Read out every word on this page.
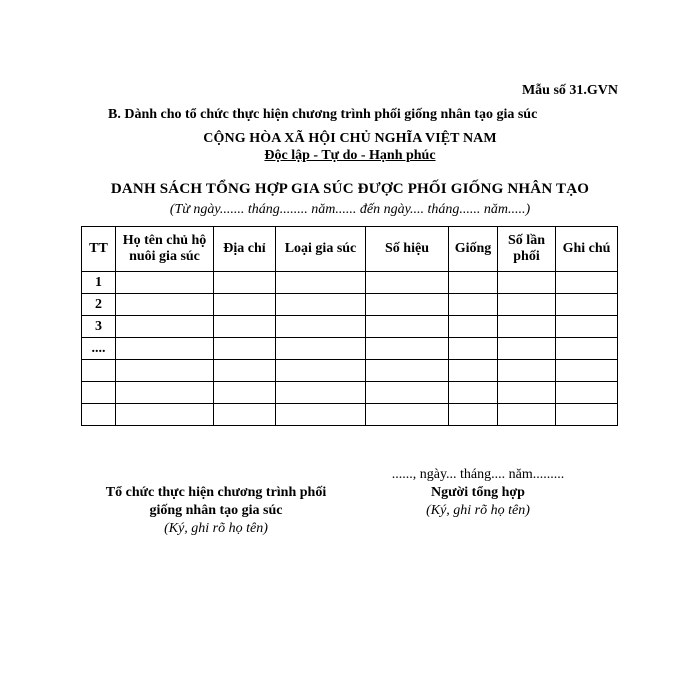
Mẫu số 31.GVN
B. Dành cho tổ chức thực hiện chương trình phối giống nhân tạo gia súc
CỘNG HÒA XÃ HỘI CHỦ NGHĨA VIỆT NAM
Độc lập - Tự do - Hạnh phúc
DANH SÁCH TỔNG HỢP GIA SÚC ĐƯỢC PHỐI GIỐNG NHÂN TẠO
(Từ ngày....... tháng........ năm...... đến ngày.... tháng...... năm.....)
TT	Họ tên chủ hộ nuôi gia súc	Địa chỉ	Loại gia súc	Số hiệu	Giống	Số lần phối	Ghi chú
1							
2							
3							
....							

Tổ chức thực hiện chương trình phối
giống nhân tạo gia súc
(Ký, ghi rõ họ tên)
......, ngày... tháng.... năm.........
Người tổng hợp
(Ký, ghi rõ họ tên)
